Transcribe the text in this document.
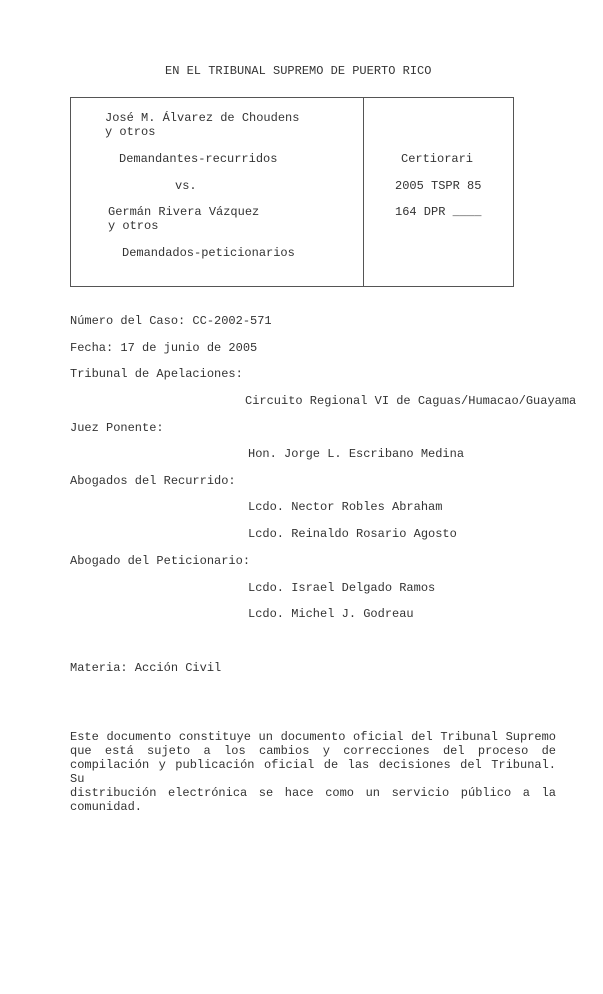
EN EL TRIBUNAL SUPREMO DE PUERTO RICO
José M. Álvarez de Choudens
y otros
Demandantes-recurridos
vs.
Germán Rivera Vázquez
y otros
Demandados-peticionarios
Certiorari
2005 TSPR 85
164 DPR ____
Número del Caso: CC-2002-571
Fecha: 17 de junio de 2005
Tribunal de Apelaciones:
Circuito Regional VI de Caguas/Humacao/Guayama
Juez Ponente:
Hon. Jorge L. Escribano Medina
Abogados del Recurrido:
Lcdo. Nector Robles Abraham
Lcdo. Reinaldo Rosario Agosto
Abogado del Peticionario:
Lcdo. Israel Delgado Ramos
Lcdo. Michel J. Godreau
Materia: Acción Civil
Este documento constituye un documento oficial del Tribunal Supremo
que está sujeto a los cambios y correcciones del proceso de
compilación y publicación oficial de las decisiones del Tribunal. Su
distribución electrónica se hace como un servicio público a la
comunidad.
